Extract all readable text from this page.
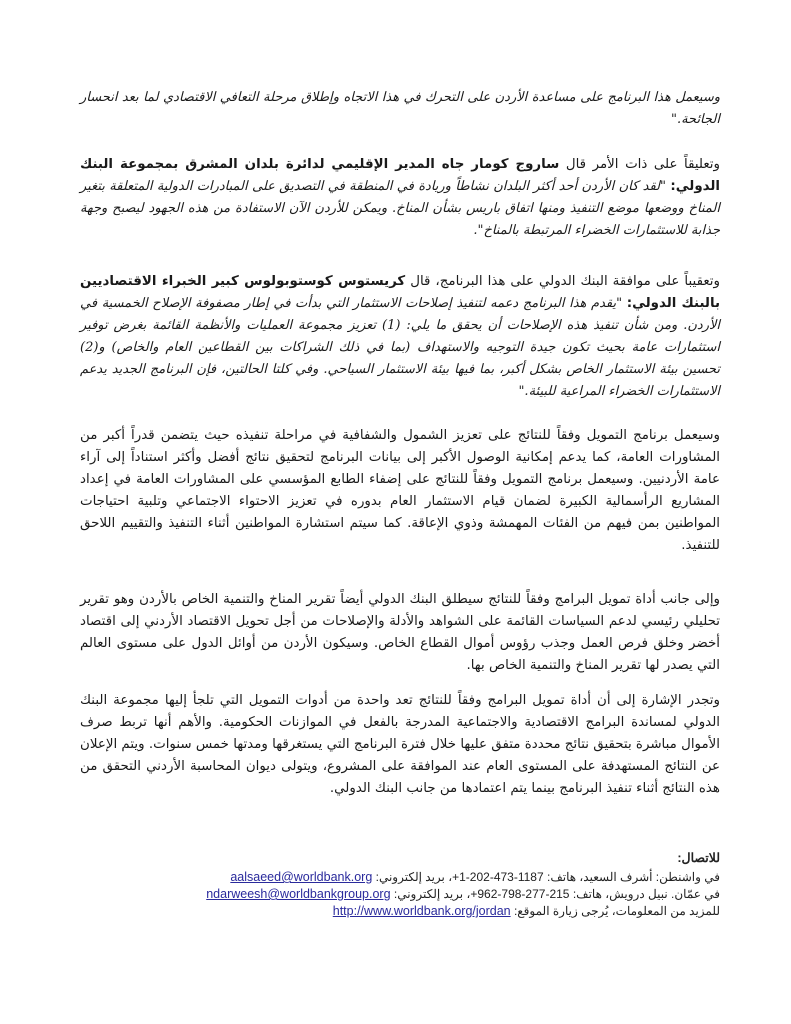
وسيعمل هذا البرنامج على مساعدة الأردن على التحرك في هذا الاتجاه وإطلاق مرحلة التعافي الاقتصادي لما بعد انحسار الجائحة."

وتعليقاً على ذات الأمر قال ساروج كومار جاه المدير الإقليمي لدائرة بلدان المشرق بمجموعة البنك الدولي: "لقد كان الأردن أحد أكثر البلدان نشاطاً وريادة في المنطقة في التصديق على المبادرات الدولية المتعلقة بتغير المناخ ووضعها موضع التنفيذ ومنها اتفاق باريس بشأن المناخ. ويمكن للأردن الآن الاستفادة من هذه الجهود ليصبح وجهة جذابة للاستثمارات الخضراء المرتبطة بالمناخ".

وتعقيباً على موافقة البنك الدولي على هذا البرنامج، قال كريستوس كوستوبولوس كبير الخبراء الاقتصاديين بالبنك الدولي: "يقدم هذا البرنامج دعمه لتنفيذ إصلاحات الاستثمار التي بدأت في إطار مصفوفة الإصلاح الخمسية في الأردن. ومن شأن تنفيذ هذه الإصلاحات أن يحقق ما يلي: (1) تعزيز مجموعة العمليات والأنظمة القائمة بغرض توفير استثمارات عامة بحيث تكون جيدة التوجيه والاستهداف (بما في ذلك الشراكات بين القطاعين العام والخاص) و(2) تحسين بيئة الاستثمار الخاص بشكل أكبر، بما فيها بيئة الاستثمار السياحي. وفي كلتا الحالتين، فإن البرنامج الجديد يدعم الاستثمارات الخضراء المراعية للبيئة."

وسيعمل برنامج التمويل وفقاً للنتائج على تعزيز الشمول والشفافية في مراحلة تنفيذه حيث يتضمن قدراً أكبر من المشاورات العامة، كما يدعم إمكانية الوصول الأكبر إلى بيانات البرنامج لتحقيق نتائج أفضل وأكثر استناداً إلى آراء عامة الأردنيين. وسيعمل برنامج التمويل وفقاً للنتائج على إضفاء الطابع المؤسسي على المشاورات العامة في إعداد المشاريع الرأسمالية الكبيرة لضمان قيام الاستثمار العام بدوره في تعزيز الاحتواء الاجتماعي وتلبية احتياجات المواطنين بمن فيهم من الفئات المهمشة وذوي الإعاقة. كما سيتم استشارة المواطنين أثناء التنفيذ والتقييم اللاحق للتنفيذ.

وإلى جانب أداة تمويل البرامج وفقاً للنتائج سيطلق البنك الدولي أيضاً تقرير المناخ والتنمية الخاص بالأردن وهو تقرير تحليلي رئيسي لدعم السياسات القائمة على الشواهد والأدلة والإصلاحات من أجل تحويل الاقتصاد الأردني إلى اقتصاد أخضر وخلق فرص العمل وجذب رؤوس أموال القطاع الخاص. وسيكون الأردن من أوائل الدول على مستوى العالم التي يصدر لها تقرير المناخ والتنمية الخاص بها.

وتجدر الإشارة إلى أن أداة تمويل البرامج وفقاً للنتائج تعد واحدة من أدوات التمويل التي تلجأ إليها مجموعة البنك الدولي لمساندة البرامج الاقتصادية والاجتماعية المدرجة بالفعل في الموازنات الحكومية. والأهم أنها تربط صرف الأموال مباشرة بتحقيق نتائج محددة متفق عليها خلال فترة البرنامج التي يستغرقها ومدتها خمس سنوات. ويتم الإعلان عن النتائج المستهدفة على المستوى العام عند الموافقة على المشروع، ويتولى ديوان المحاسبة الأردني التحقق من هذه النتائج أثناء تنفيذ البرنامج بينما يتم اعتمادها من جانب البنك الدولي.

للاتصال:
في واشنطن: أشرف السعيد، هاتف: 1187-473-202-1+، بريد إلكتروني: aalsaeed@worldbank.org
في عمّان. نبيل درويش، هاتف: 215-277-798-962+، بريد إلكتروني: ndarweesh@worldbankgroup.org
للمزيد من المعلومات، يُرجى زيارة الموقع: http://www.worldbank.org/jordan
